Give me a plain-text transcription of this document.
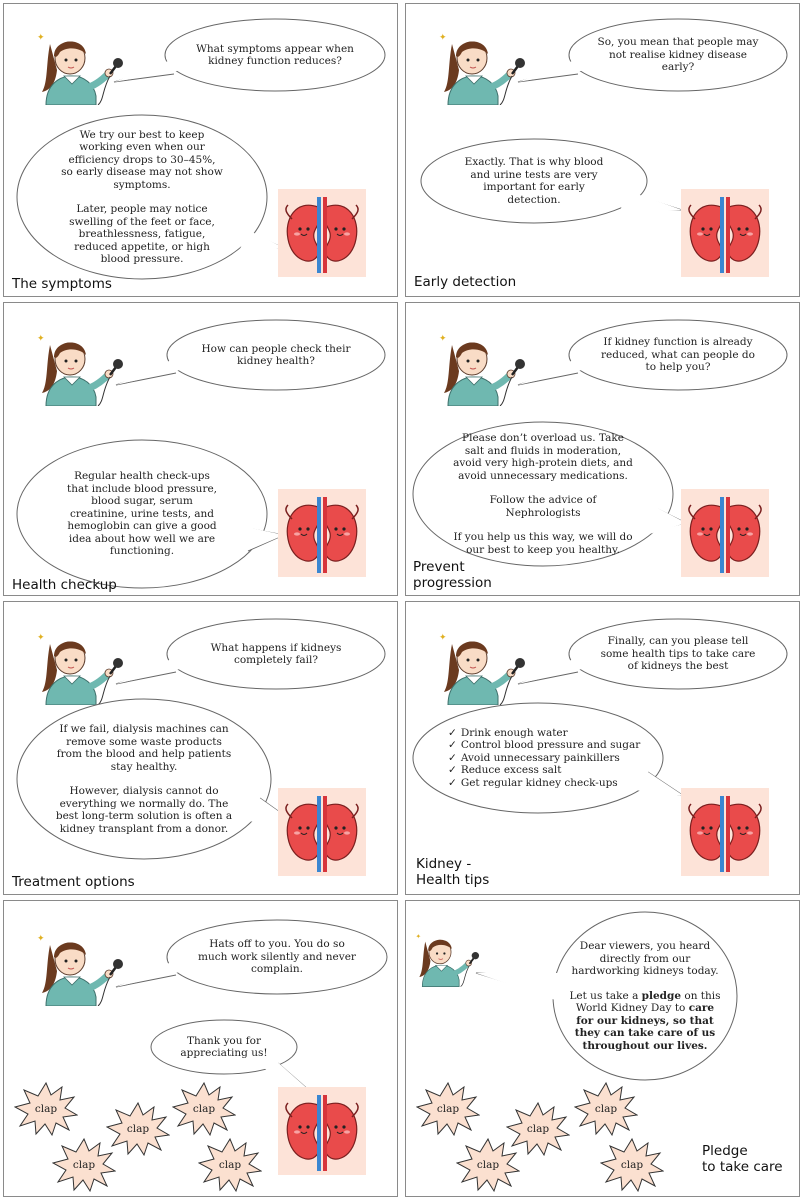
What symptoms appear when
kidney function reduces?

We try our best to keep
working even when our
efficiency drops to 30–45%,
so early disease may not show
symptoms.

Later, people may notice
swelling of the feet or face,
breathlessness, fatigue,
reduced appetite, or high
blood pressure.

The symptoms

So, you mean that people may
not realise kidney disease
early?

Exactly. That is why blood
and urine tests are very
important for early
detection.

Early detection

How can people check their
kidney health?

Regular health check-ups
that include blood pressure,
blood sugar, serum
creatinine, urine tests, and
hemoglobin can give a good
idea about how well we are
functioning.

Health checkup

If kidney function is already
reduced, what can people do
to help you?

Please don’t overload us. Take
salt and fluids in moderation,
avoid very high-protein diets, and
avoid unnecessary medications.

Follow the advice of
Nephrologists

If you help us this way, we will do
our best to keep you healthy.

Prevent
progression

What happens if kidneys
completely fail?

If we fail, dialysis machines can
remove some waste products
from the blood and help patients
stay healthy.

However, dialysis cannot do
everything we normally do. The
best long-term solution is often a
kidney transplant from a donor.

Treatment options

Finally, can you please tell
some health tips to take care
of kidneys the best

✓ Drink enough water
✓ Control blood pressure and sugar
✓ Avoid unnecessary painkillers
✓ Reduce excess salt
✓ Get regular kidney check-ups
Kidney -
Health tips

Hats off to you. You do so
much work silently and never
complain.

Thank you for
appreciating us!

clap
clap
clap
clap	clap

Dear viewers, you heard
directly from our
hardworking kidneys today.

Let us take a pledge on this
World Kidney Day to care
for our kidneys, so that
they can take care of us
throughout our lives.

clap
clap
clap
clap	clap
Pledge
to take care
